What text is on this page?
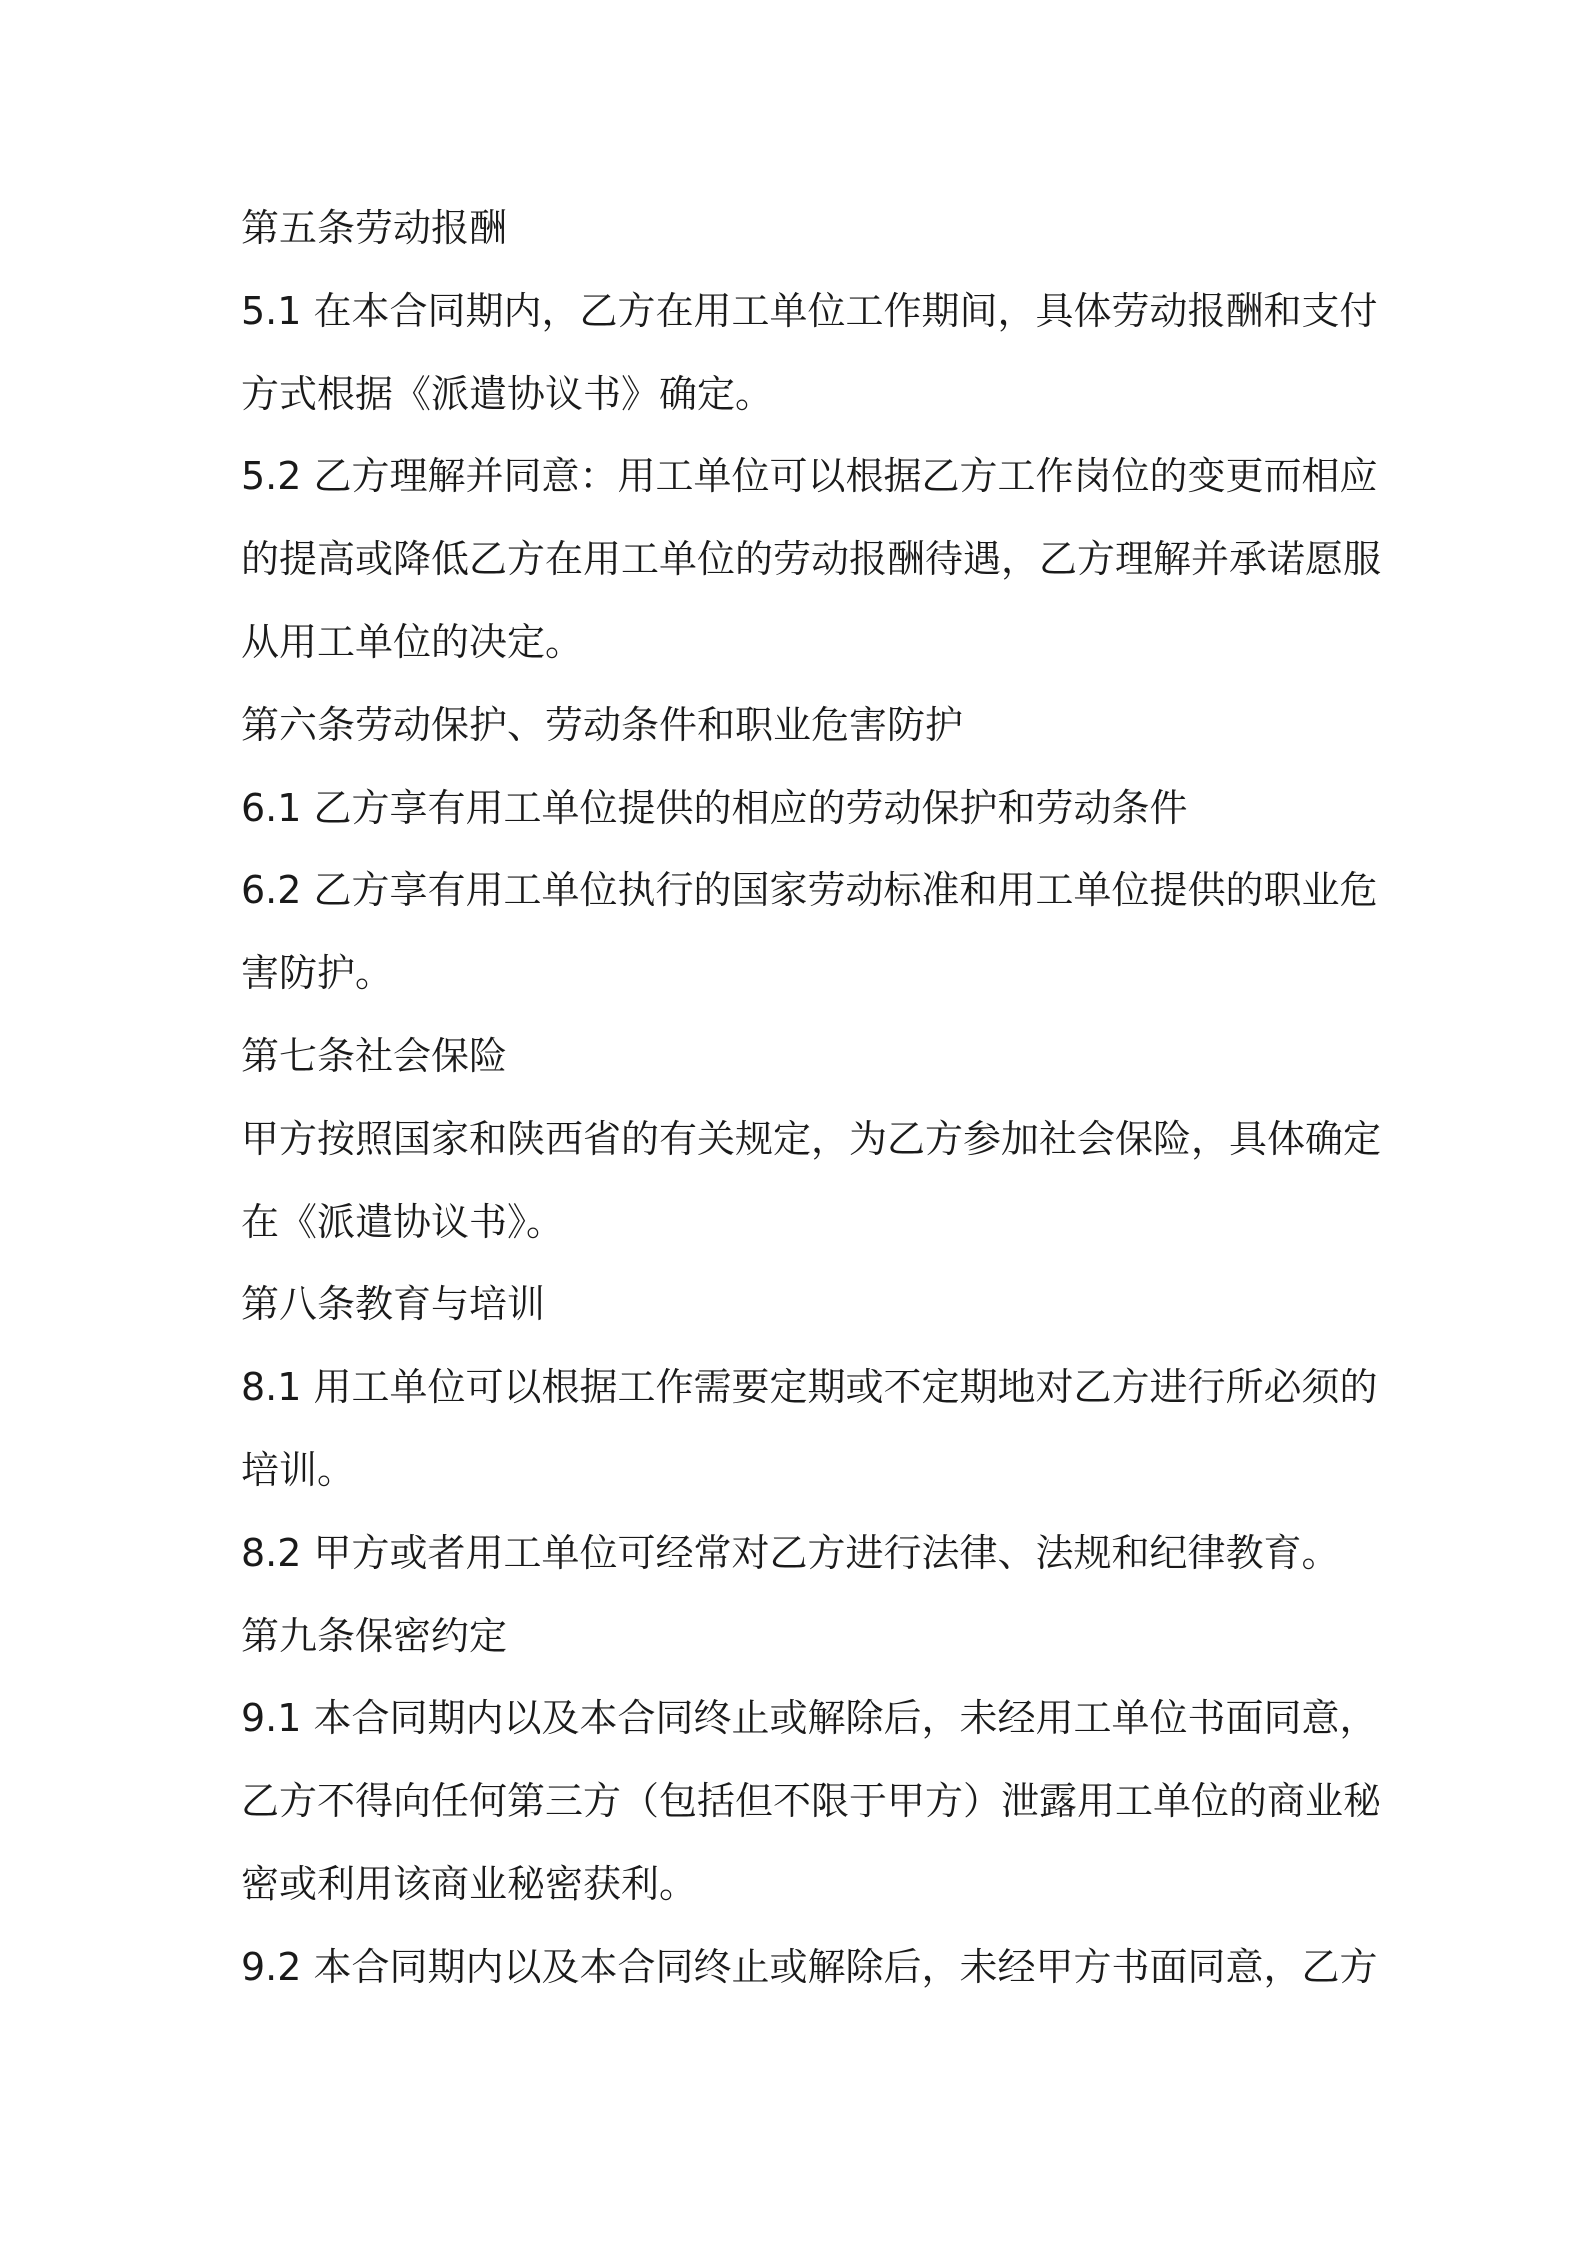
第五条劳动报酬
5.1 在本合同期内，乙方在用工单位工作期间，具体劳动报酬和支付
方式根据《派遣协议书》确定。
5.2 乙方理解并同意：用工单位可以根据乙方工作岗位的变更而相应
的提高或降低乙方在用工单位的劳动报酬待遇，乙方理解并承诺愿服
从用工单位的决定。
第六条劳动保护、劳动条件和职业危害防护
6.1 乙方享有用工单位提供的相应的劳动保护和劳动条件
6.2 乙方享有用工单位执行的国家劳动标准和用工单位提供的职业危
害防护。
第七条社会保险
甲方按照国家和陕西省的有关规定，为乙方参加社会保险，具体确定
在《派遣协议书》。
第八条教育与培训
8.1 用工单位可以根据工作需要定期或不定期地对乙方进行所必须的
培训。
8.2 甲方或者用工单位可经常对乙方进行法律、法规和纪律教育。
第九条保密约定
9.1 本合同期内以及本合同终止或解除后，未经用工单位书面同意，
乙方不得向任何第三方（包括但不限于甲方）泄露用工单位的商业秘
密或利用该商业秘密获利。
9.2 本合同期内以及本合同终止或解除后，未经甲方书面同意，乙方
